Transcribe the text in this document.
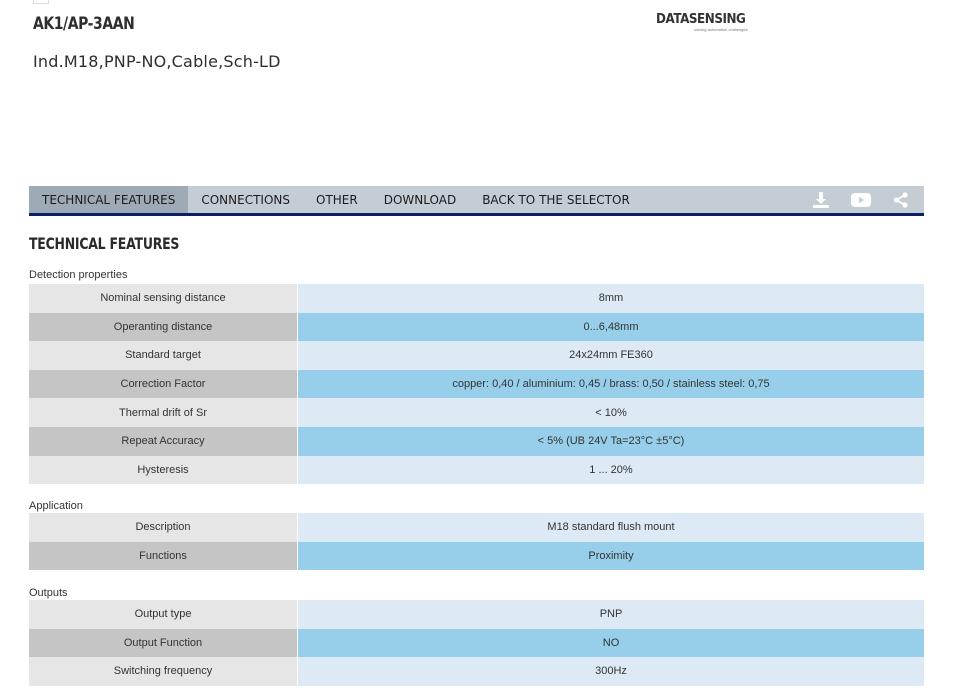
AK1/AP-3AAN
Ind.M18,PNP-NO,Cable,Sch-LD
DATASENSING
solving automation challenges
TECHNICAL FEATURES	CONNECTIONS	OTHER	DOWNLOAD	BACK TO THE SELECTOR
TECHNICAL FEATURES
Detection properties
Nominal sensing distance	8mm
Operanting distance	0...6,48mm
Standard target	24x24mm FE360
Correction Factor	copper: 0,40 / aluminium: 0,45 / brass: 0,50 / stainless steel: 0,75
Thermal drift of Sr	< 10%
Repeat Accuracy	< 5% (UB 24V Ta=23°C ±5°C)
Hysteresis	1 ... 20%
Application
Description	M18 standard flush mount
Functions	Proximity
Outputs
Output type	PNP
Output Function	NO
Switching frequency	300Hz
